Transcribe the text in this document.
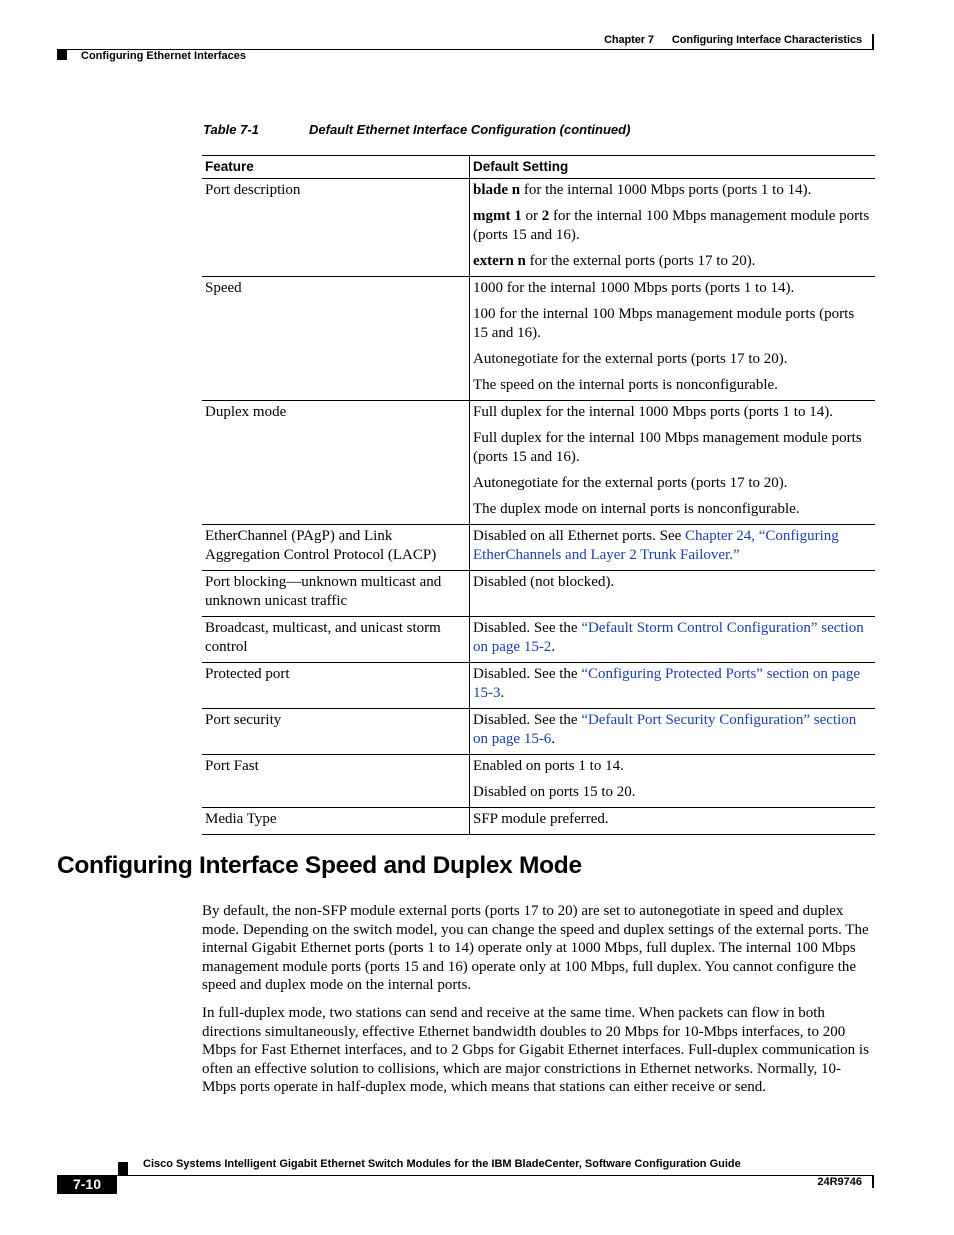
Chapter 7 Configuring Interface Characteristics
Configuring Ethernet Interfaces
Table 7-1	Default Ethernet Interface Configuration (continued)
Feature	Default Setting
Port description	blade n for the internal 1000 Mbps ports (ports 1 to 14).

mgmt 1 or 2 for the internal 100 Mbps management module ports (ports 15 and 16).

extern n for the external ports (ports 17 to 20).

Speed	1000 for the internal 1000 Mbps ports (ports 1 to 14).

100 for the internal 100 Mbps management module ports (ports 15 and 16).

Autonegotiate for the external ports (ports 17 to 20).

The speed on the internal ports is nonconfigurable.

Duplex mode	Full duplex for the internal 1000 Mbps ports (ports 1 to 14).

Full duplex for the internal 100 Mbps management module ports (ports 15 and 16).

Autonegotiate for the external ports (ports 17 to 20).

The duplex mode on internal ports is nonconfigurable.

EtherChannel (PAgP) and Link Aggregation Control Protocol (LACP)	Disabled on all Ethernet ports. See Chapter 24, “Configuring EtherChannels and Layer 2 Trunk Failover.”
Port blocking—unknown multicast and unknown unicast traffic	Disabled (not blocked).
Broadcast, multicast, and unicast storm control	Disabled. See the “Default Storm Control Configuration” section on page 15-2.
Protected port	Disabled. See the “Configuring Protected Ports” section on page 15-3.
Port security	Disabled. See the “Default Port Security Configuration” section on page 15-6.
Port Fast	Enabled on ports 1 to 14.

Disabled on ports 15 to 20.

Media Type	SFP module preferred.
Configuring Interface Speed and Duplex Mode

By default, the non-SFP module external ports (ports 17 to 20) are set to autonegotiate in speed and duplex mode. Depending on the switch model, you can change the speed and duplex settings of the external ports. The internal Gigabit Ethernet ports (ports 1 to 14) operate only at 1000 Mbps, full duplex. The internal 100 Mbps management module ports (ports 15 and 16) operate only at 100 Mbps, full duplex. You cannot configure the speed and duplex mode on the internal ports.

In full-duplex mode, two stations can send and receive at the same time. When packets can flow in both directions simultaneously, effective Ethernet bandwidth doubles to 20 Mbps for 10-Mbps interfaces, to 200 Mbps for Fast Ethernet interfaces, and to 2 Gbps for Gigabit Ethernet interfaces. Full-duplex communication is often an effective solution to collisions, which are major constrictions in Ethernet networks. Normally, 10-Mbps ports operate in half-duplex mode, which means that stations can either receive or send.

Cisco Systems Intelligent Gigabit Ethernet Switch Modules for the IBM BladeCenter, Software Configuration Guide
7-10	24R9746
